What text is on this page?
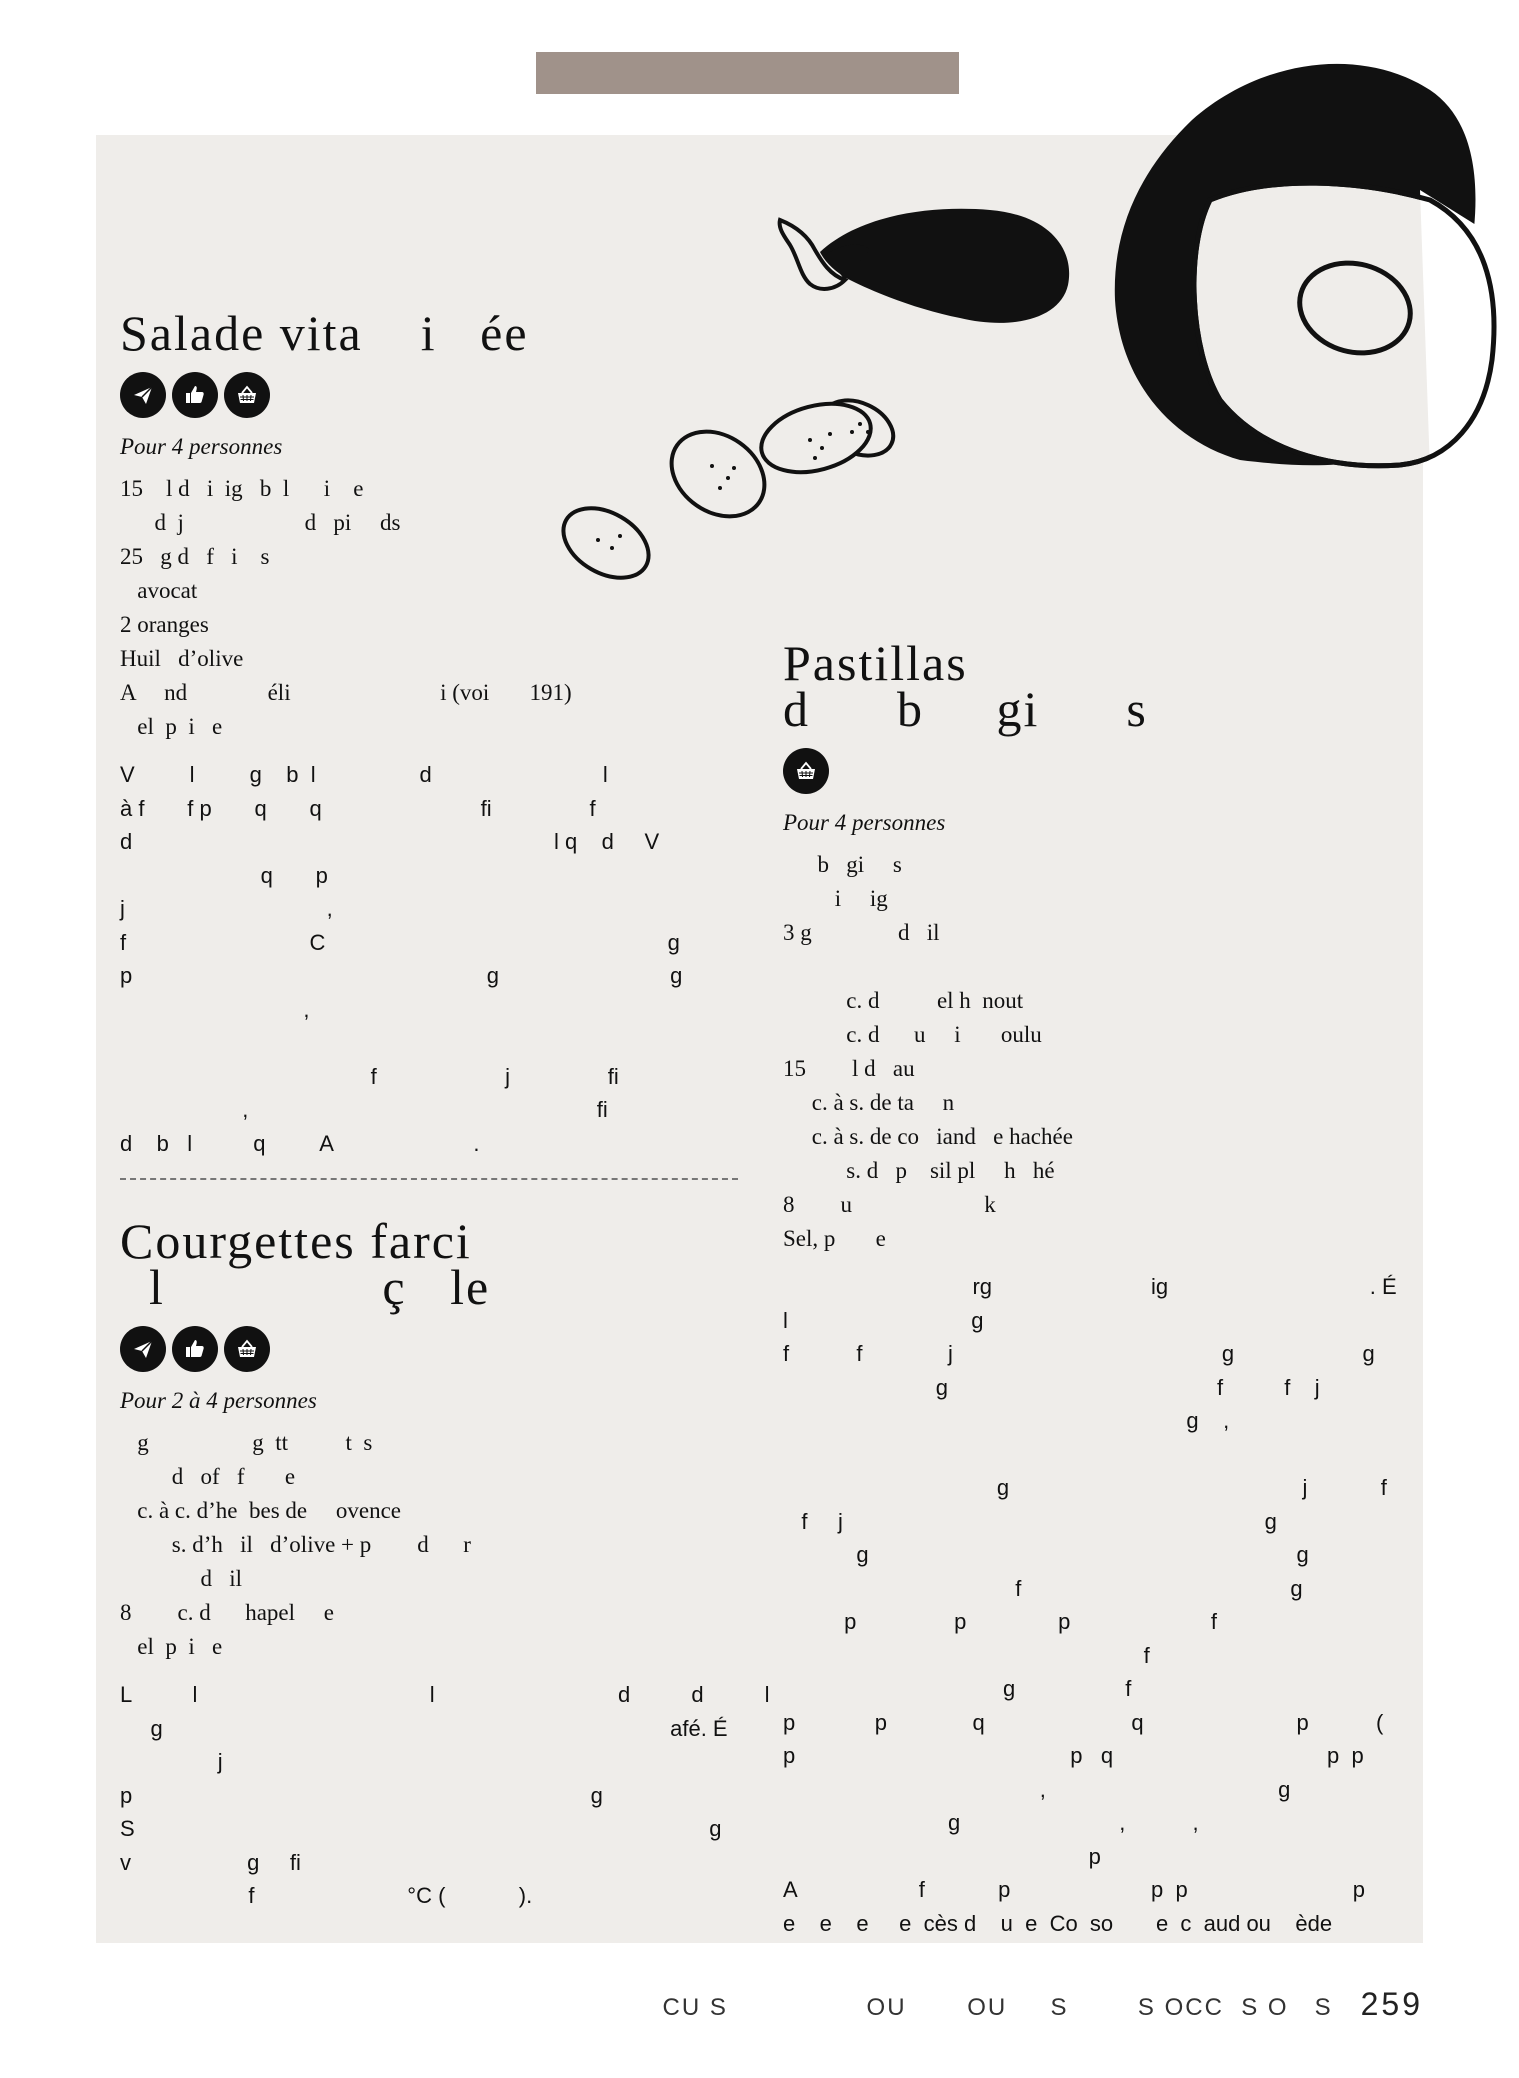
Salade vita    i   ée
Pour 4 personnes
15    l d   i  ig   b  l      i    e
d  j                     d   pi     ds
25   g d   f   i    s
avocat
2 oranges
Huil   d’olive
A     nd              éli                          i (voi       191)
el  p  i   e
V         l         g    b  l                 d                            l
à f       f p       q       q                          fi                f
d                                                                     l q    d     V
q       p
j                                 ,
f                              C                                                        g
p                                                          g                            g
,

f                     j                fi
,                                                         fi
d    b   l          q         A                       .
Courgettes farci
l               ç   le
Pour 2 à 4 personnes
g                  g  tt          t  s
d   of   f       e
c. à c. d’he  bes de     ovence
s. d’h   il   d’olive + p        d      r
d   il
8        c. d      hapel     e
el  p  i   e
L          l                                      l                              d          d          l
g                                                                                   afé. É
j
p                                                                           g
S                                                                                              g
v                   g     fi
f                         °C (            ).
Pastillas
d      b     gi      s
Pour 4 personnes
b   gi     s
i     ig
3 g               d   il

c. d          el h  nout
c. d      u     i       oulu
15        l d   au
c. à s. de ta     n
c. à s. de co   iand   e hachée
s. d   p    sil pl     h   hé
8        u                       k
Sel, p       e
rg                          ig                                 . É
l                              g
f           f              j                                            g                     g
g                                            f          f    j
g    ,

g                                                j            f
f     j                                                                     g
g                                                                      g
f                                            g
p                p               p                       f
f
g                  f
p             p              q                        q                         p           (
p                                             p   q                                   p  p
,                                      g
g                          ,           ,
p
A                    f            p                       p  p                           p
e    e    e     e  cès d    u  e  Co  so       e  c  aud ou    ède
CU S                OU       OU     S        S OCC  S O   S 259
